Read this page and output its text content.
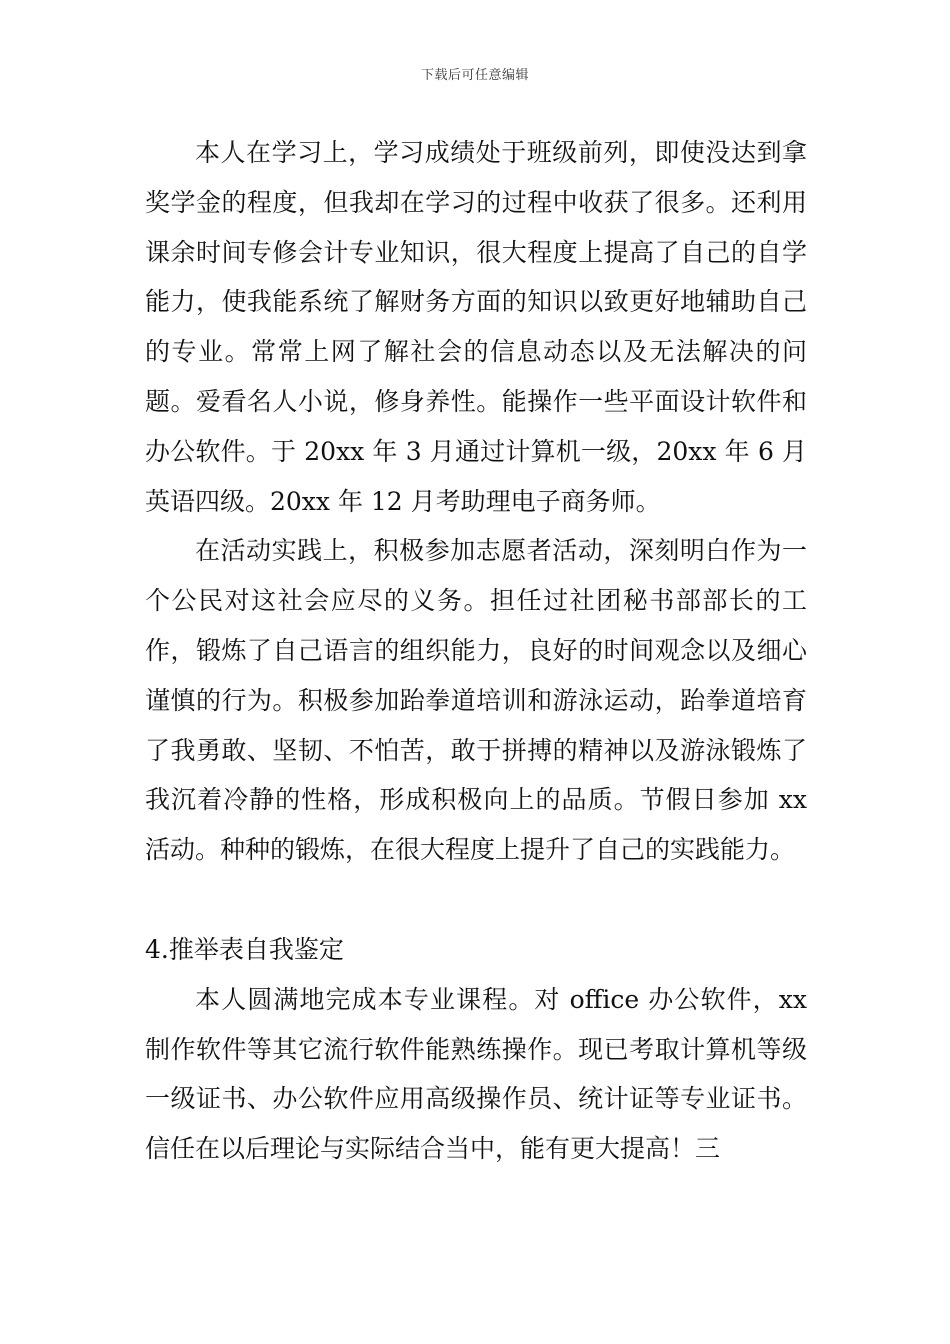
下载后可任意编辑

本人在学习上，学习成绩处于班级前列，即使没达到拿奖学金的程度，但我却在学习的过程中收获了很多。还利用课余时间专修会计专业知识，很大程度上提高了自己的自学能力，使我能系统了解财务方面的知识以致更好地辅助自己的专业。常常上网了解社会的信息动态以及无法解决的问题。爱看名人小说，修身养性。能操作一些平面设计软件和办公软件。于 20xx 年 3 月通过计算机一级，20xx 年 6 月英语四级。20xx 年 12 月考助理电子商务师。

在活动实践上，积极参加志愿者活动，深刻明白作为一个公民对这社会应尽的义务。担任过社团秘书部部长的工作，锻炼了自己语言的组织能力，良好的时间观念以及细心谨慎的行为。积极参加跆拳道培训和游泳运动，跆拳道培育了我勇敢、坚韧、不怕苦，敢于拼搏的精神以及游泳锻炼了我沉着冷静的性格，形成积极向上的品质。节假日参加 xx 活动。种种的锻炼，在很大程度上提升了自己的实践能力。

4.推举表自我鉴定

本人圆满地完成本专业课程。对 office 办公软件，xx 制作软件等其它流行软件能熟练操作。现已考取计算机等级一级证书、办公软件应用高级操作员、统计证等专业证书。信任在以后理论与实际结合当中，能有更大提高！三
